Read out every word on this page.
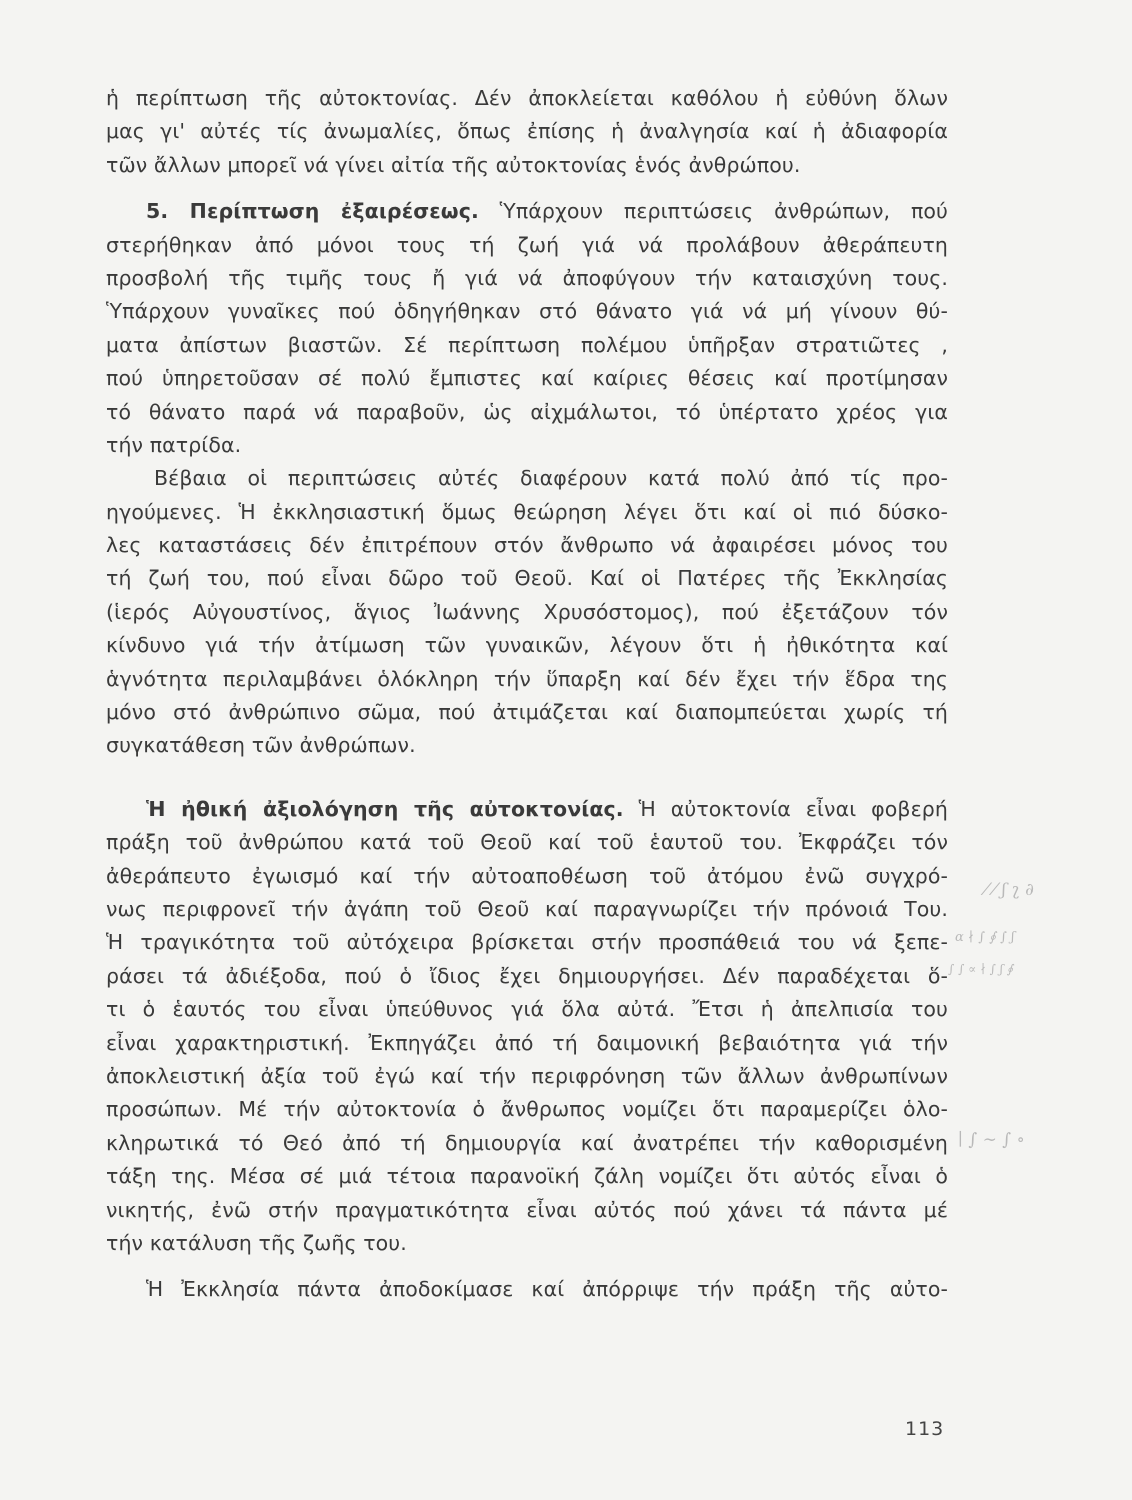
ἡ περίπτωση τῆς αὐτοκτονίας. Δέν ἀποκλείεται καθόλου ἡ εὐθύνη ὅλων
μας γι' αὐτές τίς ἀνωμαλίες, ὅπως ἐπίσης ἡ ἀναλγησία καί ἡ ἀδιαφορία
τῶν ἄλλων μπορεῖ νά γίνει αἰτία τῆς αὐτοκτονίας ἑνός ἀνθρώπου.
5. Περίπτωση ἐξαιρέσεως. Ὑπάρχουν περιπτώσεις ἀνθρώπων, πού
στερήθηκαν ἀπό μόνοι τους τή ζωή γιά νά προλάβουν ἀθεράπευτη
προσβολή τῆς τιμῆς τους ἤ γιά νά ἀποφύγουν τήν καταισχύνη τους.
Ὑπάρχουν γυναῖκες πού ὁδηγήθηκαν στό θάνατο γιά νά μή γίνουν θύ-
ματα ἀπίστων βιαστῶν. Σέ περίπτωση πολέμου ὑπῆρξαν στρατιῶτες ,
πού ὑπηρετοῦσαν σέ πολύ ἔμπιστες καί καίριες θέσεις καί προτίμησαν
τό θάνατο παρά νά παραβοῦν, ὡς αἰχμάλωτοι, τό ὑπέρτατο χρέος για
τήν πατρίδα.
Βέβαια οἱ περιπτώσεις αὐτές διαφέρουν κατά πολύ ἀπό τίς προ-
ηγούμενες. Ἡ ἐκκλησιαστική ὅμως θεώρηση λέγει ὅτι καί οἱ πιό δύσκο-
λες καταστάσεις δέν ἐπιτρέπουν στόν ἄνθρωπο νά ἀφαιρέσει μόνος του
τή ζωή του, πού εἶναι δῶρο τοῦ Θεοῦ. Καί οἱ Πατέρες τῆς Ἐκκλησίας
(ἱερός Αὐγουστίνος, ἅγιος Ἰωάννης Χρυσόστομος), πού ἐξετάζουν τόν
κίνδυνο γιά τήν ἀτίμωση τῶν γυναικῶν, λέγουν ὅτι ἡ ἠθικότητα καί
ἁγνότητα περιλαμβάνει ὁλόκληρη τήν ὕπαρξη καί δέν ἔχει τήν ἕδρα της
μόνο στό ἀνθρώπινο σῶμα, πού ἀτιμάζεται καί διαπομπεύεται χωρίς τή
συγκατάθεση τῶν ἀνθρώπων.
Ἡ ἠθική ἀξιολόγηση τῆς αὐτοκτονίας. Ἡ αὐτοκτονία εἶναι φοβερή
πράξη τοῦ ἀνθρώπου κατά τοῦ Θεοῦ καί τοῦ ἑαυτοῦ του. Ἐκφράζει τόν
ἀθεράπευτο ἐγωισμό καί τήν αὐτοαποθέωση τοῦ ἀτόμου ἐνῶ συγχρό-
νως περιφρονεῖ τήν ἀγάπη τοῦ Θεοῦ καί παραγνωρίζει τήν πρόνοιά Του.
Ἡ τραγικότητα τοῦ αὐτόχειρα βρίσκεται στήν προσπάθειά του νά ξεπε-
ράσει τά ἀδιέξοδα, πού ὁ ἴδιος ἔχει δημιουργήσει. Δέν παραδέχεται ὅ-
τι ὁ ἑαυτός του εἶναι ὑπεύθυνος γιά ὅλα αὐτά. Ἔτσι ἡ ἀπελπισία του
εἶναι χαρακτηριστική. Ἐκπηγάζει ἀπό τή δαιμονική βεβαιότητα γιά τήν
ἀποκλειστική ἀξία τοῦ ἐγώ καί τήν περιφρόνηση τῶν ἄλλων ἀνθρωπίνων
προσώπων. Μέ τήν αὐτοκτονία ὁ ἄνθρωπος νομίζει ὅτι παραμερίζει ὁλο-
κληρωτικά τό Θεό ἀπό τή δημιουργία καί ἀνατρέπει τήν καθορισμένη
τάξη της. Μέσα σέ μιά τέτοια παρανοϊκή ζάλη νομίζει ὅτι αὐτός εἶναι ὁ
νικητής, ἐνῶ στήν πραγματικότητα εἶναι αὐτός πού χάνει τά πάντα μέ
τήν κατάλυση τῆς ζωῆς του.
Ἡ Ἐκκλησία πάντα ἀποδοκίμασε καί ἀπόρριψε τήν πράξη τῆς αὐτο-
⁄ ⁄ ʃ ʅ ∂
ɑ ∤ ∫ ∮ ∫ ʃ
∫ ∫ ∝ ∤ ∫ ʃ ∮
∣ ∫ ∼ ∫ ∘
113
